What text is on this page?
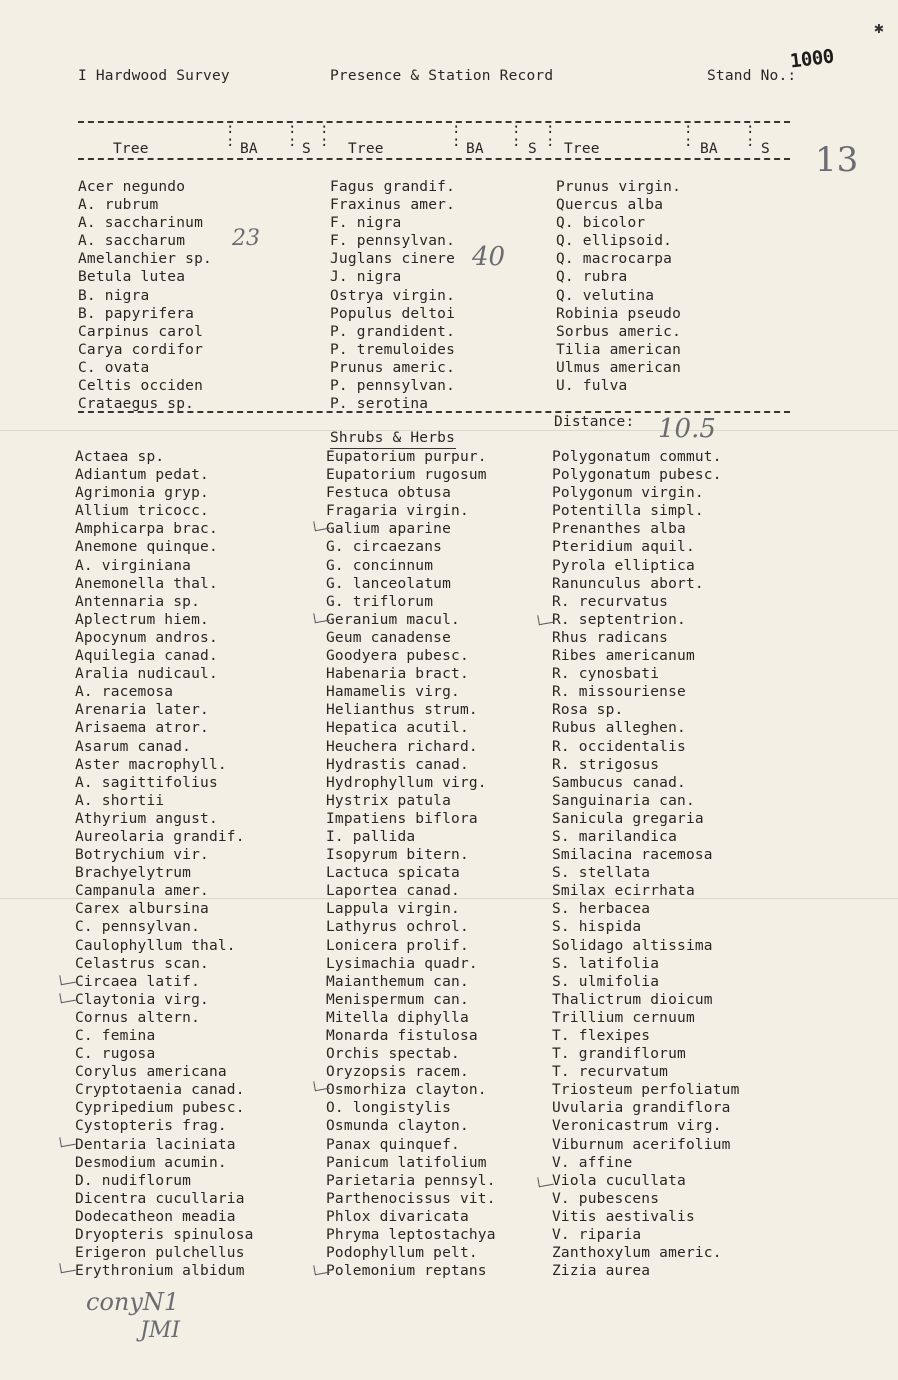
✱
I Hardwood Survey	Presence & Station Record	Stand No.:
1000
:
:
:
:
:
:
:
:
:
:
:
:
:
:
:
:
Tree	BA	S	Tree	BA	S Tree	BA	S
Acer negundo
A. rubrum
A. saccharinum
A. saccharum
Amelanchier sp.
Betula lutea
B. nigra
B. papyrifera
Carpinus carol
Carya cordifor
C. ovata
Celtis occiden
Crataegus sp.
Fagus grandif.
Fraxinus amer.
F. nigra
F. pennsylvan.
Juglans cinere
J. nigra
Ostrya virgin.
Populus deltoi
P. grandident.
P. tremuloides
Prunus americ.
P. pennsylvan.
P. serotina
Prunus virgin.
Quercus alba
Q. bicolor
Q. ellipsoid.
Q. macrocarpa
Q. rubra
Q. velutina
Robinia pseudo
Sorbus americ.
Tilia american
Ulmus american
U. fulva
23
40
13
Shrubs & Herbs
Distance: 10.5
Actaea sp.
Adiantum pedat.
Agrimonia gryp.
Allium tricocc.
Amphicarpa brac.
Anemone quinque.
A. virginiana
Anemonella thal.
Antennaria sp.
Aplectrum hiem.
Apocynum andros.
Aquilegia canad.
Aralia nudicaul.
A. racemosa
Arenaria later.
Arisaema atror.
Asarum canad.
Aster macrophyll.
A. sagittifolius
A. shortii
Athyrium angust.
Aureolaria grandif.
Botrychium vir.
Brachyelytrum
Campanula amer.
Carex albursina
C. pennsylvan.
Caulophyllum thal.
Celastrus scan.
Circaea latif.
Claytonia virg.
Cornus altern.
C. femina
C. rugosa
Corylus americana
Cryptotaenia canad.
Cypripedium pubesc.
Cystopteris frag.
Dentaria laciniata
Desmodium acumin.
D. nudiflorum
Dicentra cucullaria
Dodecatheon meadia
Dryopteris spinulosa
Erigeron pulchellus
Erythronium albidum
Eupatorium purpur.
Eupatorium rugosum
Festuca obtusa
Fragaria virgin.
Galium aparine
G. circaezans
G. concinnum
G. lanceolatum
G. triflorum
Geranium macul.
Geum canadense
Goodyera pubesc.
Habenaria bract.
Hamamelis virg.
Helianthus strum.
Hepatica acutil.
Heuchera richard.
Hydrastis canad.
Hydrophyllum virg.
Hystrix patula
Impatiens biflora
I. pallida
Isopyrum bitern.
Lactuca spicata
Laportea canad.
Lappula virgin.
Lathyrus ochrol.
Lonicera prolif.
Lysimachia quadr.
Maianthemum can.
Menispermum can.
Mitella diphylla
Monarda fistulosa
Orchis spectab.
Oryzopsis racem.
Osmorhiza clayton.
O. longistylis
Osmunda clayton.
Panax quinquef.
Panicum latifolium
Parietaria pennsyl.
Parthenocissus vit.
Phlox divaricata
Phryma leptostachya
Podophyllum pelt.
Polemonium reptans
Polygonatum commut.
Polygonatum pubesc.
Polygonum virgin.
Potentilla simpl.
Prenanthes alba
Pteridium aquil.
Pyrola elliptica
Ranunculus abort.
R. recurvatus
R. septentrion.
Rhus radicans
Ribes americanum
R. cynosbati
R. missouriense
Rosa sp.
Rubus alleghen.
R. occidentalis
R. strigosus
Sambucus canad.
Sanguinaria can.
Sanicula gregaria
S. marilandica
Smilacina racemosa
S. stellata
Smilax ecirrhata
S. herbacea
S. hispida
Solidago altissima
S. latifolia
S. ulmifolia
Thalictrum dioicum
Trillium cernuum
T. flexipes
T. grandiflorum
T. recurvatum
Triosteum perfoliatum
Uvularia grandiflora
Veronicastrum virg.
Viburnum acerifolium
V. affine
Viola cucullata
V. pubescens
Vitis aestivalis
V. riparia
Zanthoxylum americ.
Zizia aurea
conyN1
JMI
